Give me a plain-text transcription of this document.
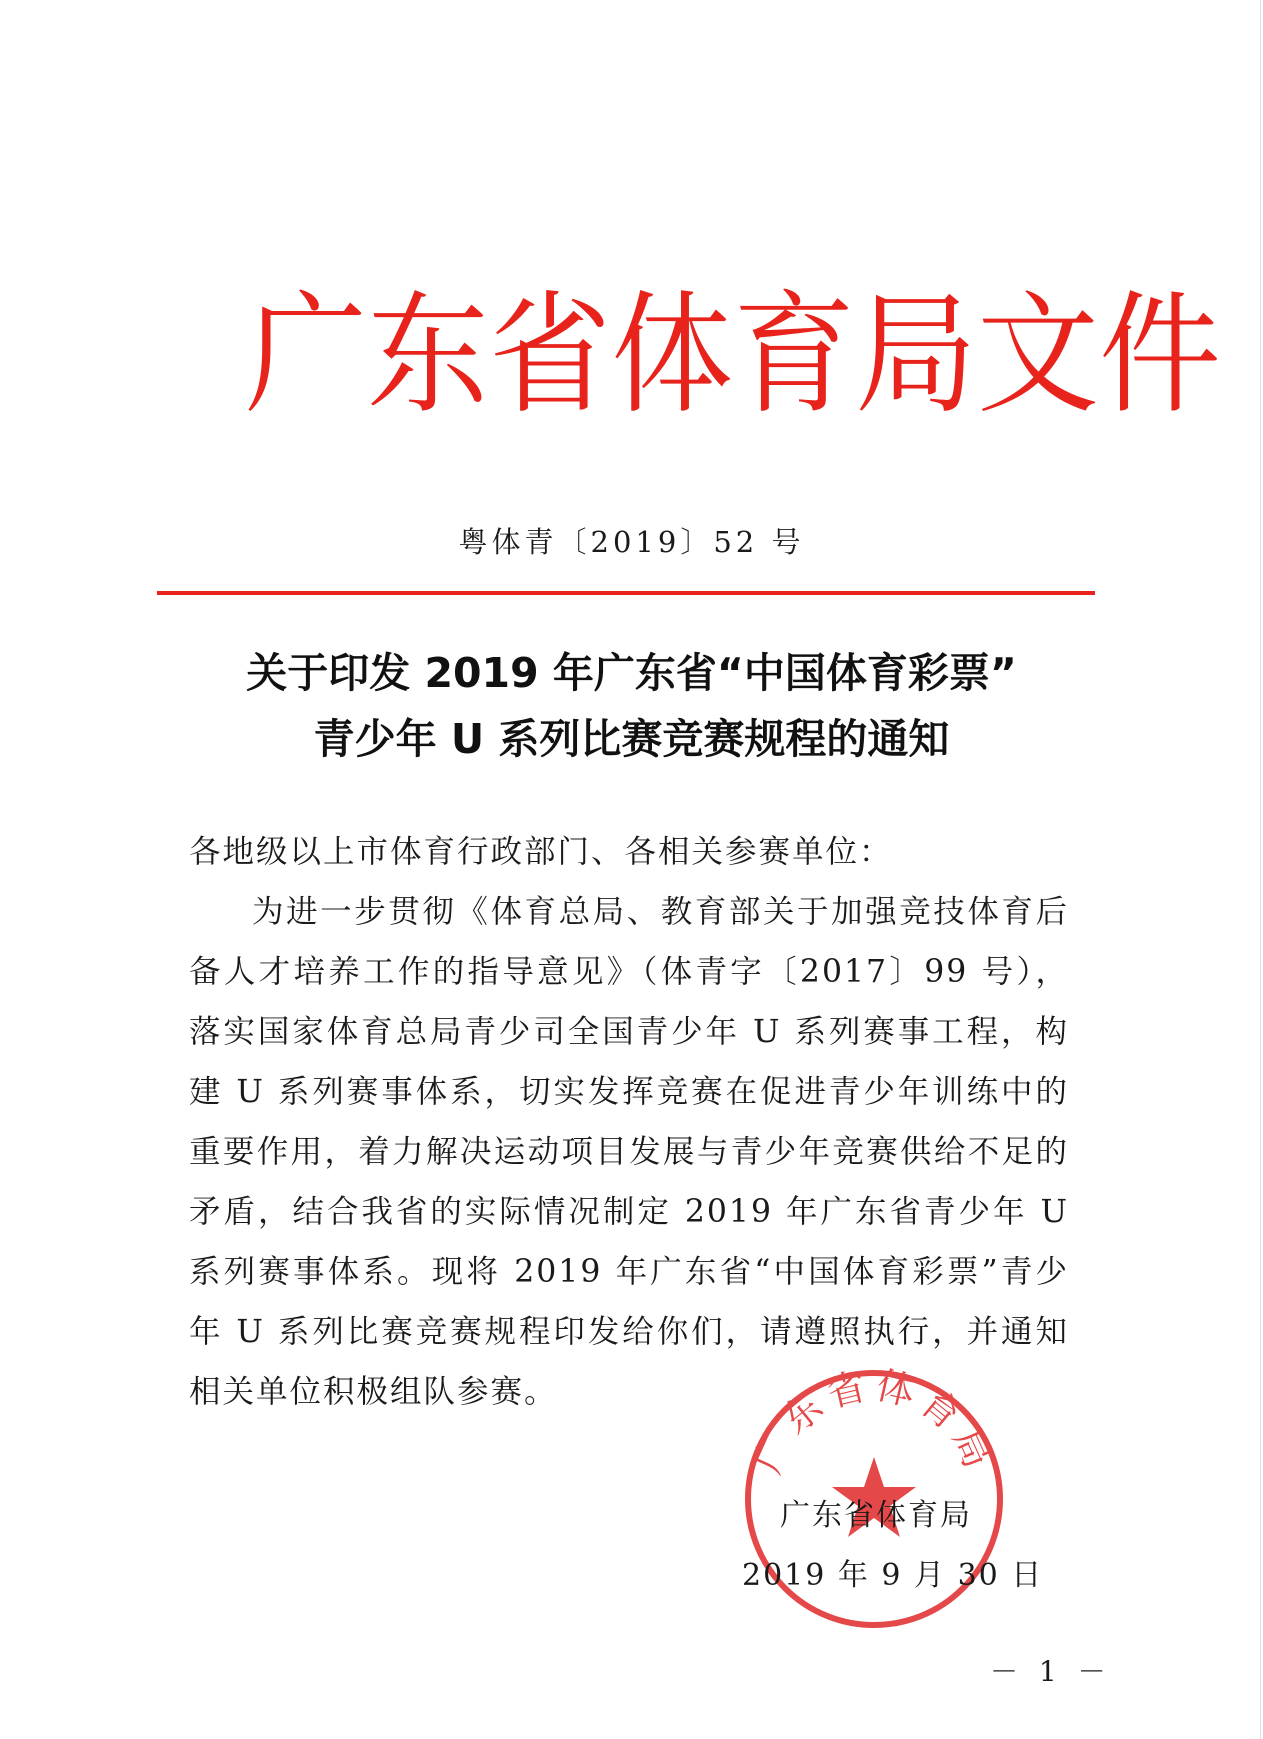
广 东 省 体 育 局 文 件
粤体青〔2019〕52 号
关于印发 2019 年广东省“中国体育彩票”
青少年 U 系列比赛竞赛规程的通知

各地级以上市体育行政部门、各相关参赛单位：

为进一步贯彻《体育总局、教育部关于加强竞技体育后备人才培养工作的指导意见》（体青字〔2017〕99 号），落实国家体育总局青少司全国青少年 U 系列赛事工程，构建 U 系列赛事体系，切实发挥竞赛在促进青少年训练中的重要作用，着力解决运动项目发展与青少年竞赛供给不足的矛盾，结合我省的实际情况制定 2019 年广东省青少年 U 系列赛事体系。现将 2019 年广东省“中国体育彩票”青少年 U 系列比赛竞赛规程印发给你们，请遵照执行，并通知相关单位积极组队参赛。

广东省体育局
广东省体育局
2019 年 9 月 30 日
－ 1 －
